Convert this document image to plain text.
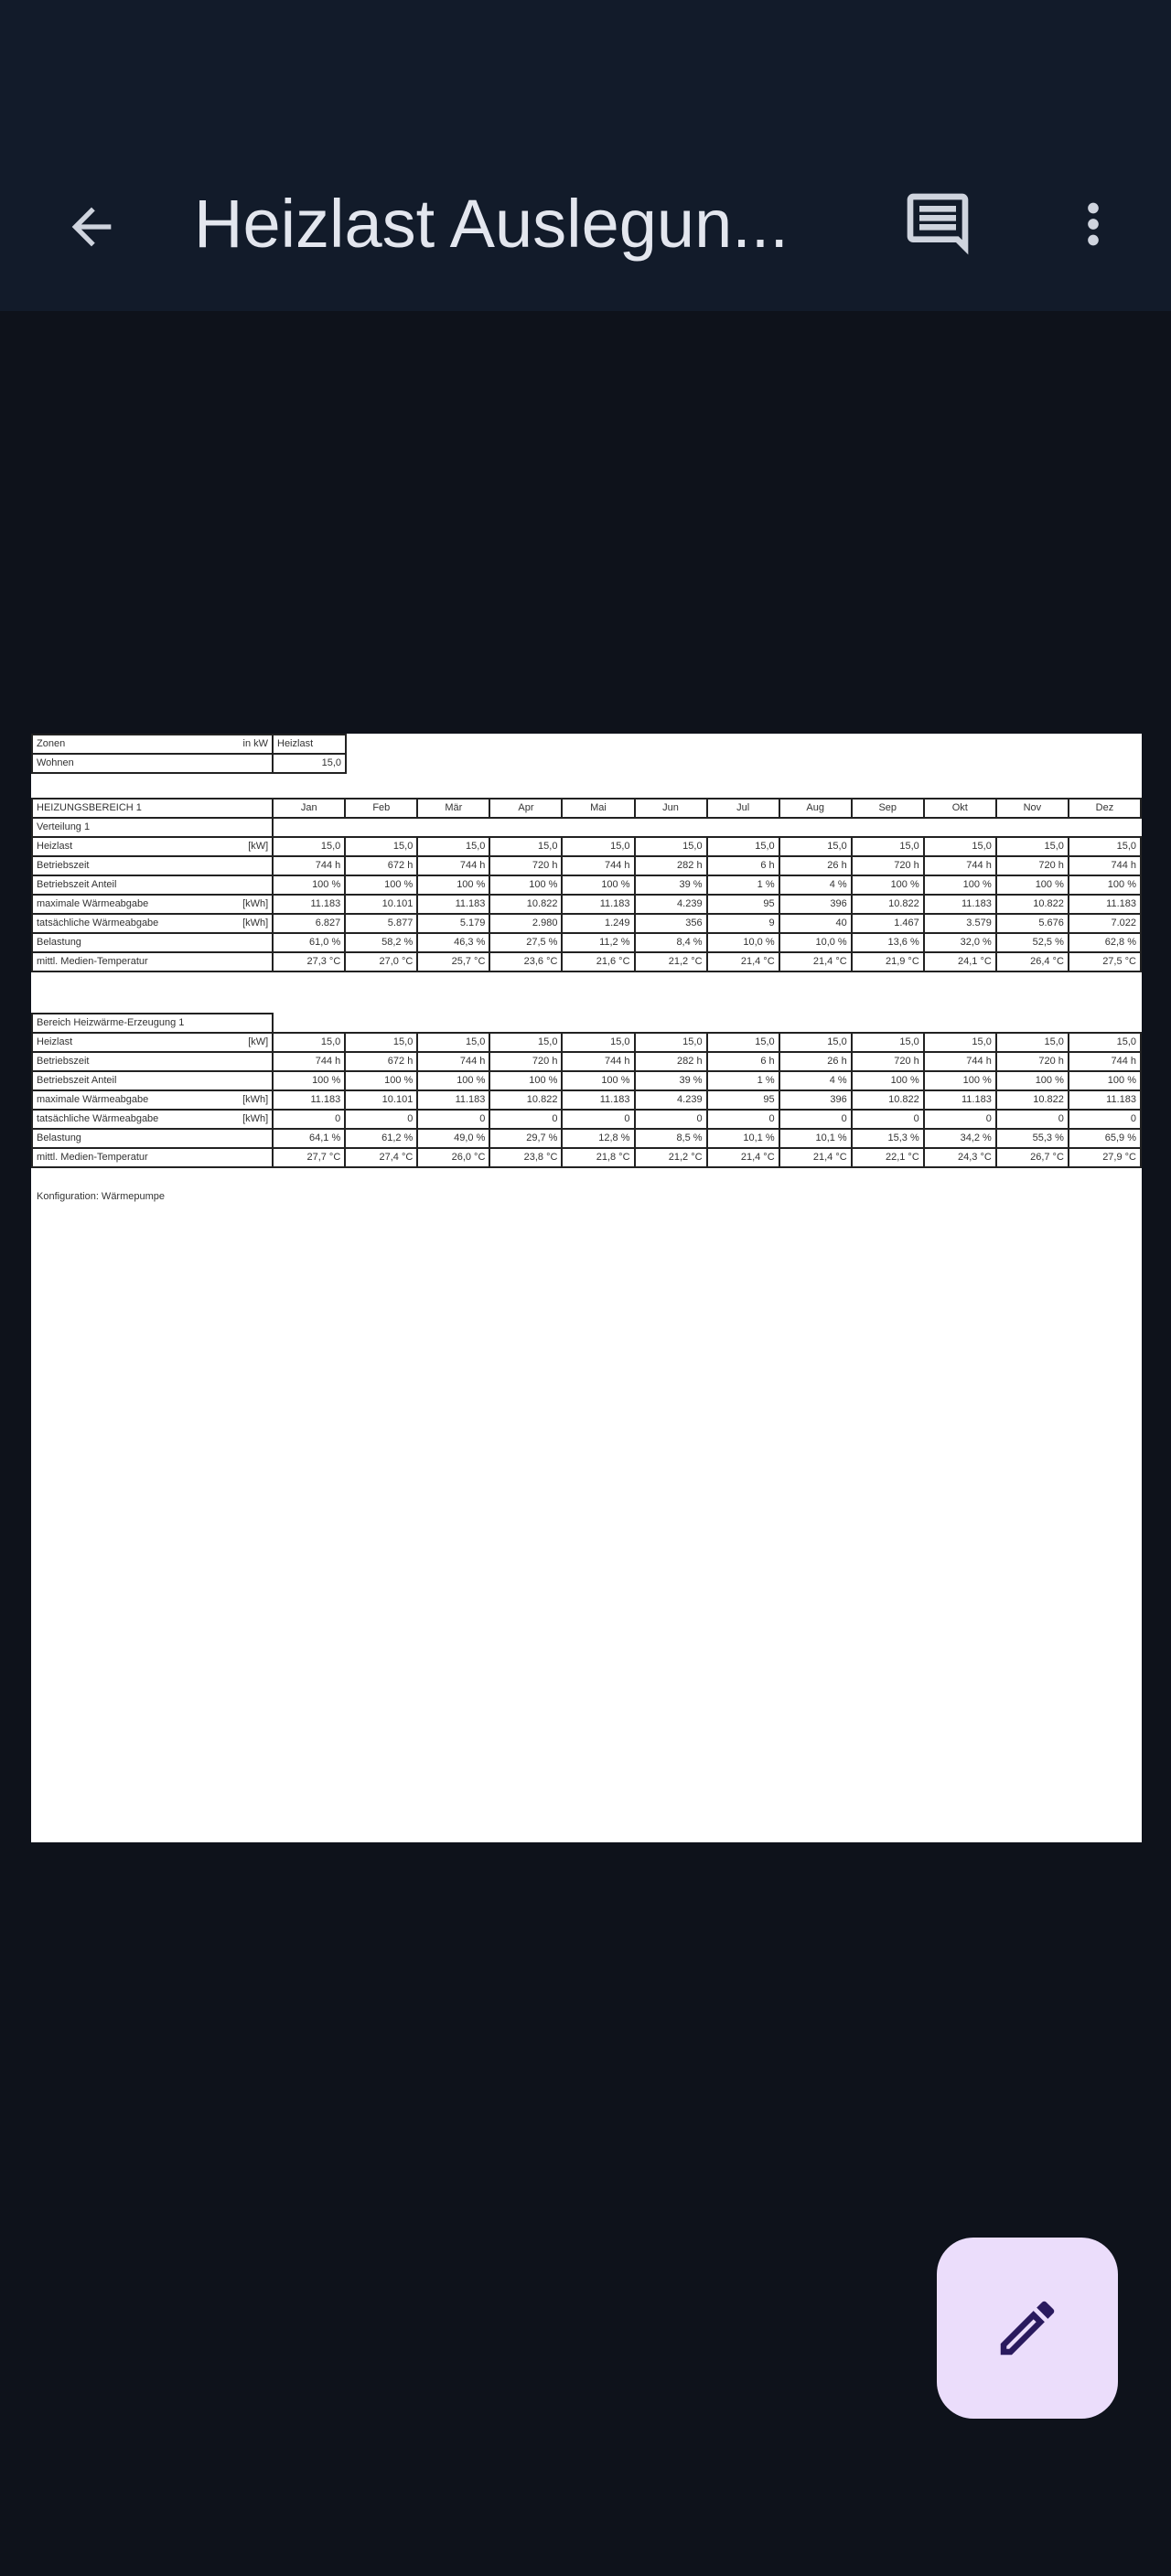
Heizlast Auslegun...
Zonen in kW	Heizlast
Wohnen	15,0
HEIZUNGSBEREICH 1	Jan	Feb	Mär	Apr	Mai	Jun	Jul	Aug	Sep	Okt	Nov	Dez
Verteilung 1												

Heizlast [kW]	15,0	15,0	15,0	15,0	15,0	15,0	15,0	15,0	15,0	15,0	15,0	15,0

Betriebszeit	744 h	672 h	744 h	720 h	744 h	282 h	6 h	26 h	720 h	744 h	720 h	744 h

Betriebszeit Anteil	100 %	100 %	100 %	100 %	100 %	39 %	1 %	4 %	100 %	100 %	100 %	100 %

maximale Wärmeabgabe [kWh]	11.183	10.101	11.183	10.822	11.183	4.239	95	396	10.822	11.183	10.822	11.183

tatsächliche Wärmeabgabe [kWh]	6.827	5.877	5.179	2.980	1.249	356	9	40	1.467	3.579	5.676	7.022

Belastung	61,0 %	58,2 %	46,3 %	27,5 %	11,2 %	8,4 %	10,0 %	10,0 %	13,6 %	32,0 %	52,5 %	62,8 %

mittl. Medien-Temperatur	27,3 °C	27,0 °C	25,7 °C	23,6 °C	21,6 °C	21,2 °C	21,4 °C	21,4 °C	21,9 °C	24,1 °C	26,4 °C	27,5 °C
Bereich Heizwärme-Erzeugung 1												

Heizlast [kW]	15,0	15,0	15,0	15,0	15,0	15,0	15,0	15,0	15,0	15,0	15,0	15,0

Betriebszeit	744 h	672 h	744 h	720 h	744 h	282 h	6 h	26 h	720 h	744 h	720 h	744 h

Betriebszeit Anteil	100 %	100 %	100 %	100 %	100 %	39 %	1 %	4 %	100 %	100 %	100 %	100 %

maximale Wärmeabgabe [kWh]	11.183	10.101	11.183	10.822	11.183	4.239	95	396	10.822	11.183	10.822	11.183

tatsächliche Wärmeabgabe [kWh]	0	0	0	0	0	0	0	0	0	0	0	0

Belastung	64,1 %	61,2 %	49,0 %	29,7 %	12,8 %	8,5 %	10,1 %	10,1 %	15,3 %	34,2 %	55,3 %	65,9 %

mittl. Medien-Temperatur	27,7 °C	27,4 °C	26,0 °C	23,8 °C	21,8 °C	21,2 °C	21,4 °C	21,4 °C	22,1 °C	24,3 °C	26,7 °C	27,9 °C
Konfiguration: Wärmepumpe
